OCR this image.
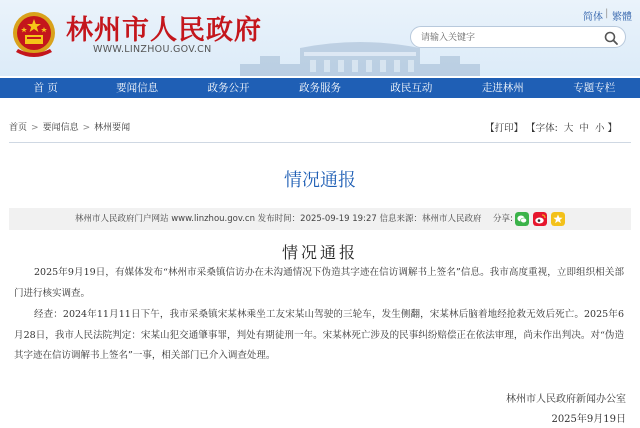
林州市人民政府
WWW.LINZHOU.GOV.CN
简体 | 繁體
请输入关键字
首 页	要闻信息	政务公开	政务服务	政民互动	走进林州	专题专栏
首页 > 要闻信息 > 林州要闻	【打印】 【字体: 大 中 小 】
情况通报
林州市人民政府门户网站 www.linzhou.gov.cn 发布时间：2025-09-19 19:27 信息来源：林州市人民政府 分享:
情况通报

2025年9月19日，有媒体发布“林州市采桑镇信访办在未沟通情况下伪造其字迹在信访调解书上签名”信息。我市高度重视，立即组织相关部门进行核实调查。

经查：2024年11月11日下午，我市采桑镇宋某林乘坐工友宋某山驾驶的三轮车，发生侧翻，宋某林后脑着地经抢救无效后死亡。2025年6月28日，我市人民法院判定：宋某山犯交通肇事罪，判处有期徒刑一年。宋某林死亡涉及的民事纠纷赔偿正在依法审理，尚未作出判决。对“伪造其字迹在信访调解书上签名”一事，相关部门已介入调查处理。

林州市人民政府新闻办公室
2025年9月19日
